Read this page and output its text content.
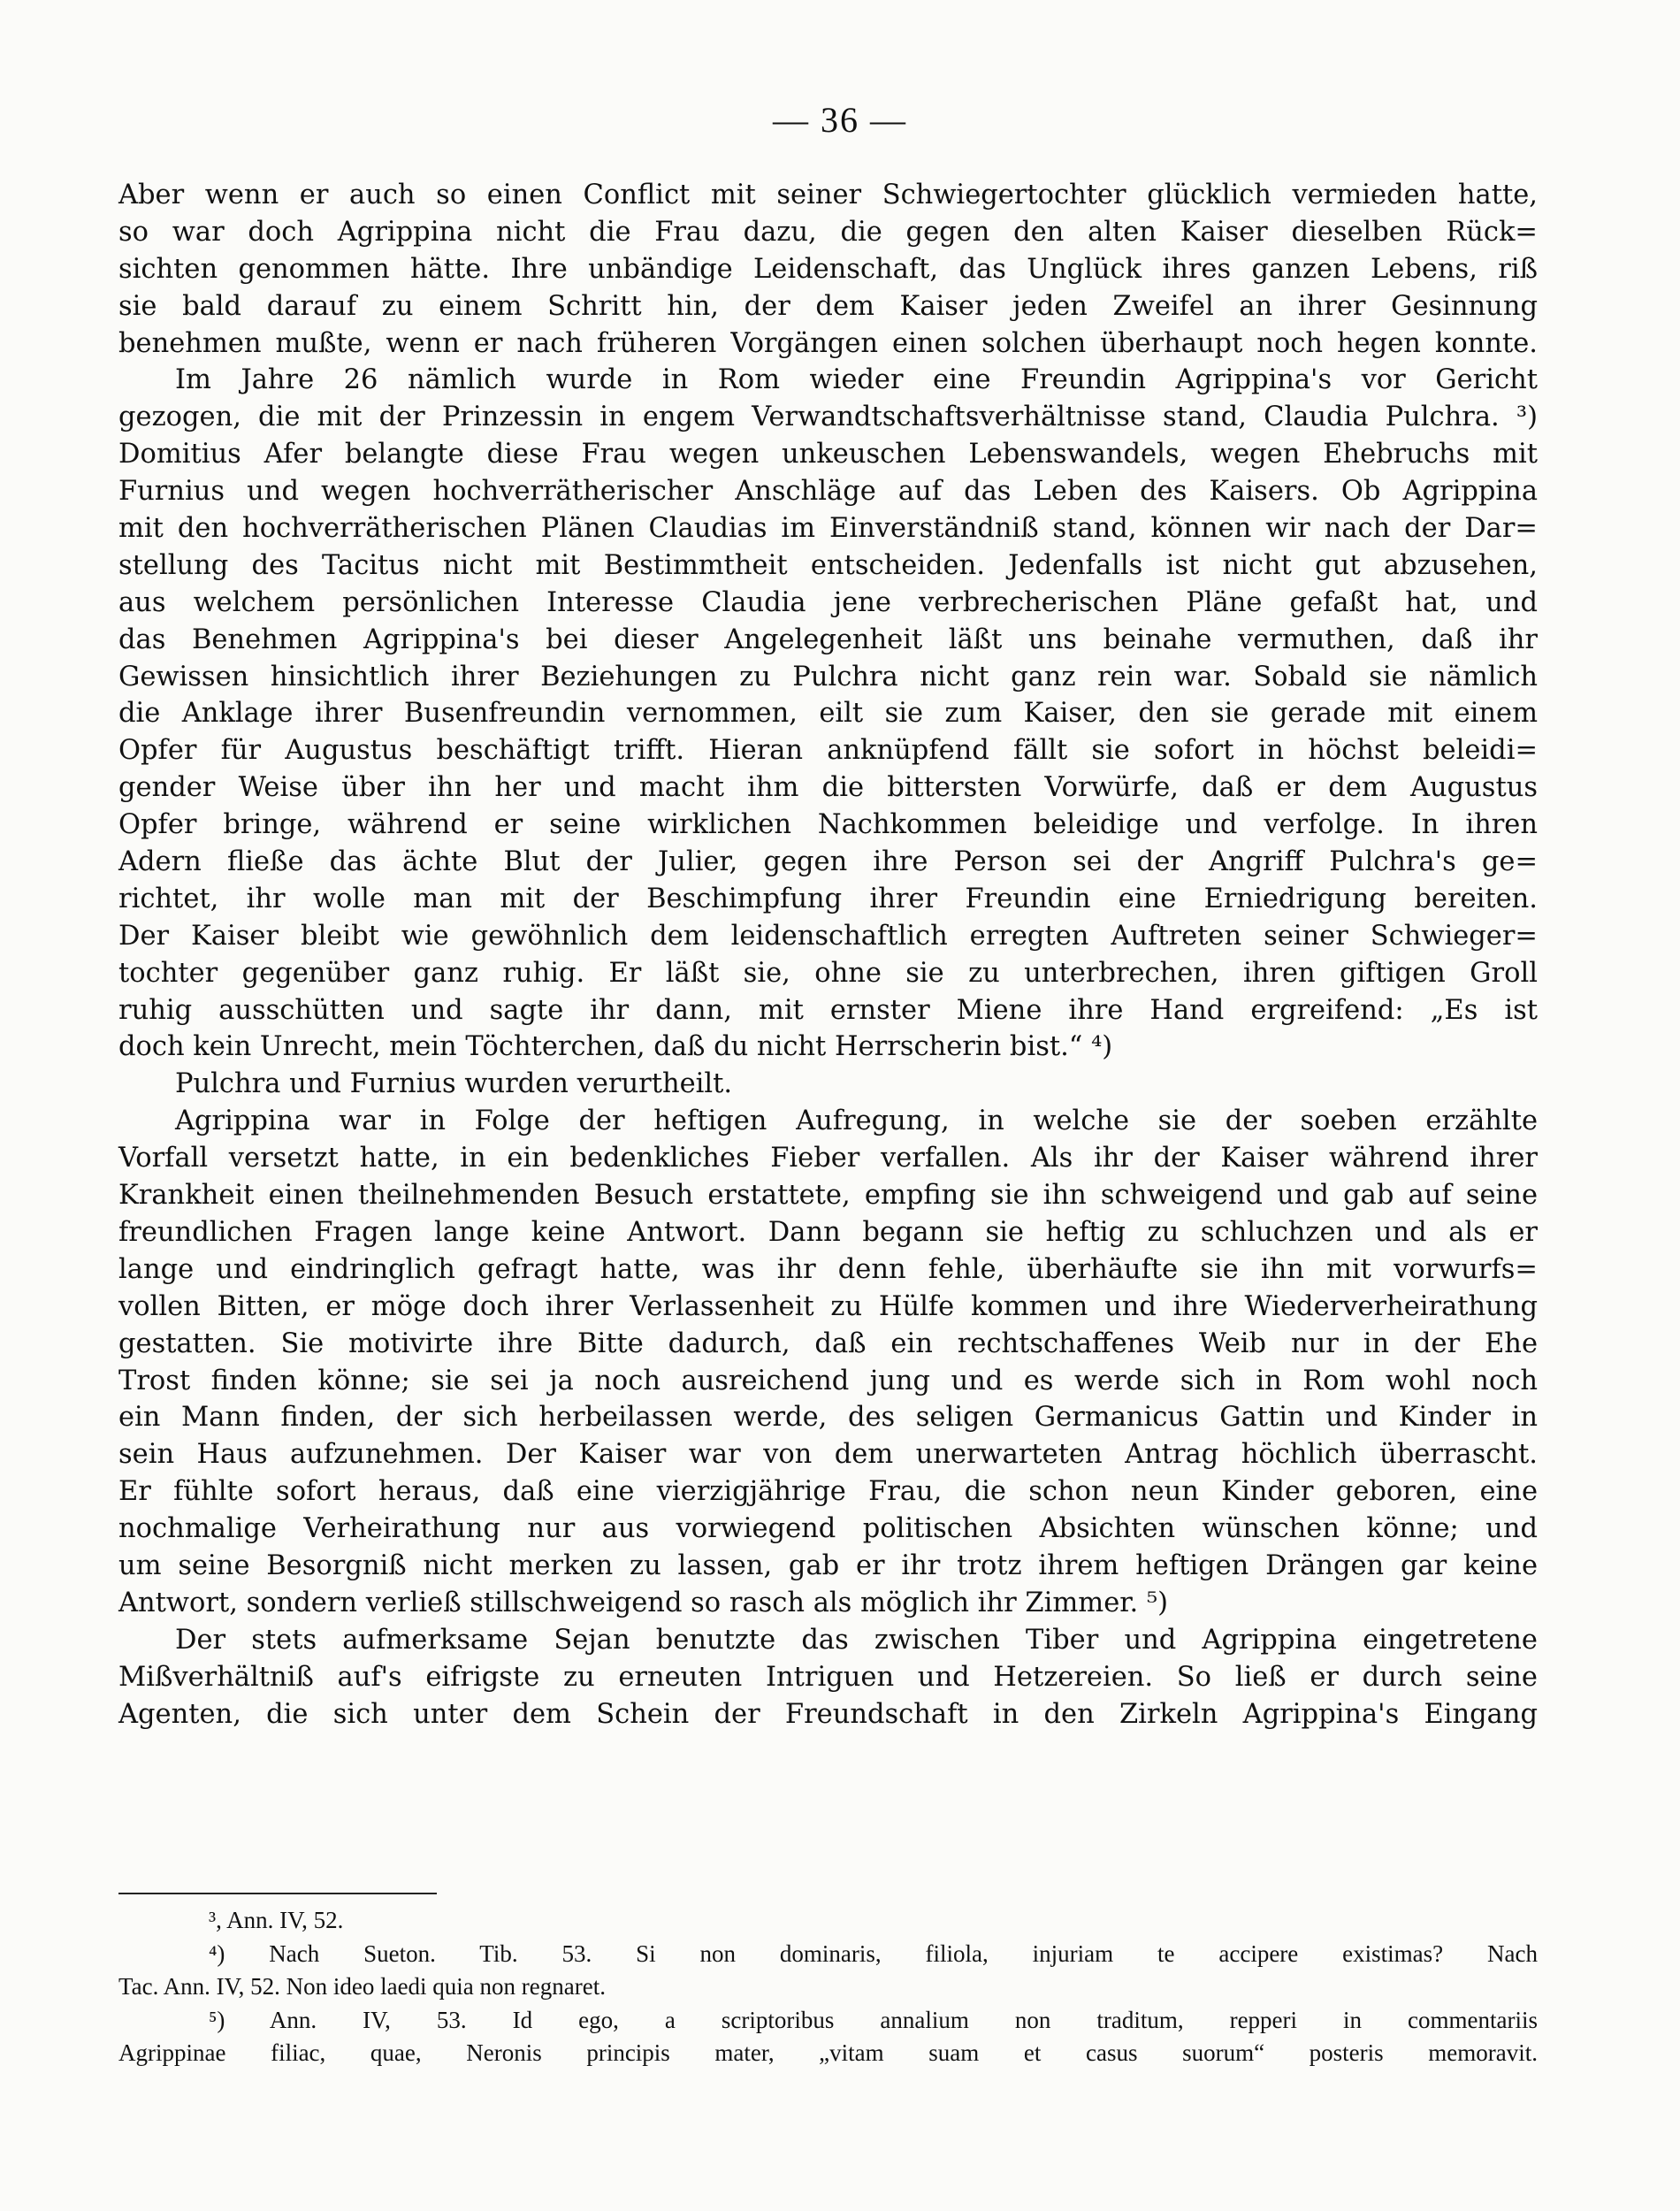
— 36 —
Aber wenn er auch so einen Conflict mit seiner Schwiegertochter glücklich vermieden hatte,
so war doch Agrippina nicht die Frau dazu, die gegen den alten Kaiser dieselben Rück=
sichten genommen hätte. Ihre unbändige Leidenschaft, das Unglück ihres ganzen Lebens, riß
sie bald darauf zu einem Schritt hin, der dem Kaiser jeden Zweifel an ihrer Gesinnung
benehmen mußte, wenn er nach früheren Vorgängen einen solchen überhaupt noch hegen konnte.
Im Jahre 26 nämlich wurde in Rom wieder eine Freundin Agrippina's vor Gericht
gezogen, die mit der Prinzessin in engem Verwandtschaftsverhältnisse stand, Claudia Pulchra. ³)
Domitius Afer belangte diese Frau wegen unkeuschen Lebenswandels, wegen Ehebruchs mit
Furnius und wegen hochverrätherischer Anschläge auf das Leben des Kaisers. Ob Agrippina
mit den hochverrätherischen Plänen Claudias im Einverständniß stand, können wir nach der Dar=
stellung des Tacitus nicht mit Bestimmtheit entscheiden. Jedenfalls ist nicht gut abzusehen,
aus welchem persönlichen Interesse Claudia jene verbrecherischen Pläne gefaßt hat, und
das Benehmen Agrippina's bei dieser Angelegenheit läßt uns beinahe vermuthen, daß ihr
Gewissen hinsichtlich ihrer Beziehungen zu Pulchra nicht ganz rein war. Sobald sie nämlich
die Anklage ihrer Busenfreundin vernommen, eilt sie zum Kaiser, den sie gerade mit einem
Opfer für Augustus beschäftigt trifft. Hieran anknüpfend fällt sie sofort in höchst beleidi=
gender Weise über ihn her und macht ihm die bittersten Vorwürfe, daß er dem Augustus
Opfer bringe, während er seine wirklichen Nachkommen beleidige und verfolge. In ihren
Adern fließe das ächte Blut der Julier, gegen ihre Person sei der Angriff Pulchra's ge=
richtet, ihr wolle man mit der Beschimpfung ihrer Freundin eine Erniedrigung bereiten.
Der Kaiser bleibt wie gewöhnlich dem leidenschaftlich erregten Auftreten seiner Schwieger=
tochter gegenüber ganz ruhig. Er läßt sie, ohne sie zu unterbrechen, ihren giftigen Groll
ruhig ausschütten und sagte ihr dann, mit ernster Miene ihre Hand ergreifend: „Es ist
doch kein Unrecht, mein Töchterchen, daß du nicht Herrscherin bist.“ ⁴)
Pulchra und Furnius wurden verurtheilt.
Agrippina war in Folge der heftigen Aufregung, in welche sie der soeben erzählte
Vorfall versetzt hatte, in ein bedenkliches Fieber verfallen. Als ihr der Kaiser während ihrer
Krankheit einen theilnehmenden Besuch erstattete, empfing sie ihn schweigend und gab auf seine
freundlichen Fragen lange keine Antwort. Dann begann sie heftig zu schluchzen und als er
lange und eindringlich gefragt hatte, was ihr denn fehle, überhäufte sie ihn mit vorwurfs=
vollen Bitten, er möge doch ihrer Verlassenheit zu Hülfe kommen und ihre Wiederverheirathung
gestatten. Sie motivirte ihre Bitte dadurch, daß ein rechtschaffenes Weib nur in der Ehe
Trost finden könne; sie sei ja noch ausreichend jung und es werde sich in Rom wohl noch
ein Mann finden, der sich herbeilassen werde, des seligen Germanicus Gattin und Kinder in
sein Haus aufzunehmen. Der Kaiser war von dem unerwarteten Antrag höchlich überrascht.
Er fühlte sofort heraus, daß eine vierzigjährige Frau, die schon neun Kinder geboren, eine
nochmalige Verheirathung nur aus vorwiegend politischen Absichten wünschen könne; und
um seine Besorgniß nicht merken zu lassen, gab er ihr trotz ihrem heftigen Drängen gar keine
Antwort, sondern verließ stillschweigend so rasch als möglich ihr Zimmer. ⁵)
Der stets aufmerksame Sejan benutzte das zwischen Tiber und Agrippina eingetretene
Mißverhältniß auf's eifrigste zu erneuten Intriguen und Hetzereien. So ließ er durch seine
Agenten, die sich unter dem Schein der Freundschaft in den Zirkeln Agrippina's Eingang
³, Ann. IV, 52.
⁴) Nach Sueton. Tib. 53. Si non dominaris, filiola, injuriam te accipere existimas? Nach
Tac. Ann. IV, 52. Non ideo laedi quia non regnaret.
⁵) Ann. IV, 53. Id ego, a scriptoribus annalium non traditum, repperi in commentariis
Agrippinae filiac, quae, Neronis principis mater, „vitam suam et casus suorum“ posteris memoravit.
